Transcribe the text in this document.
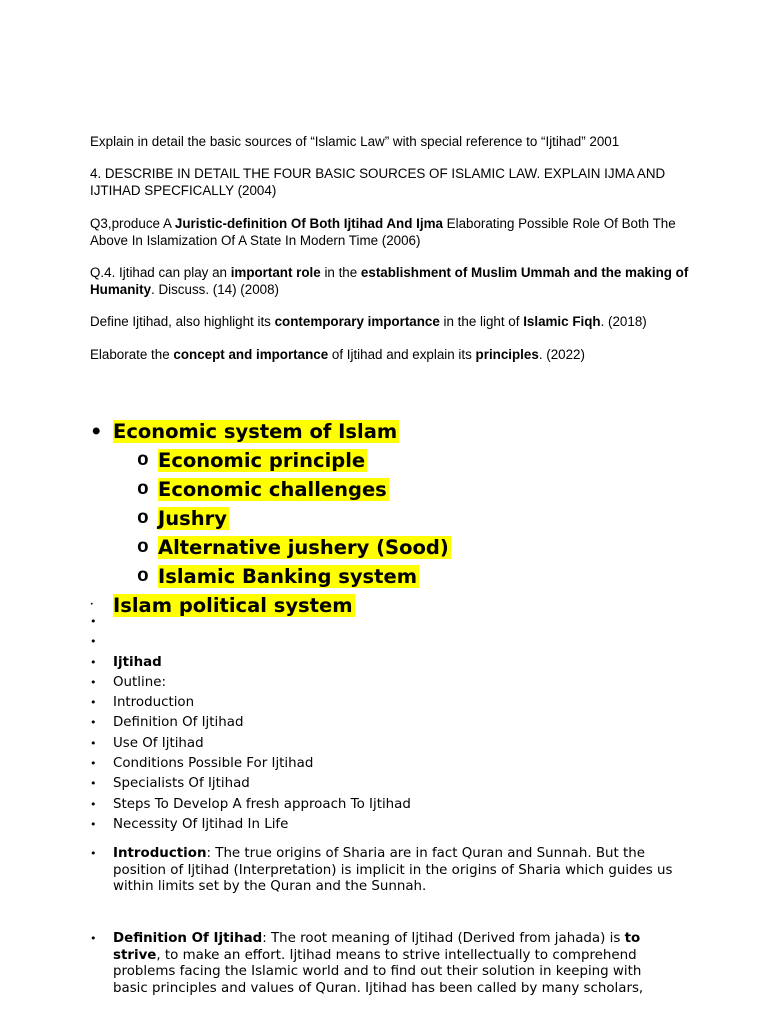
Explain in detail the basic sources of “Islamic Law” with special reference to “Ijtihad” 2001
4. DESCRIBE IN DETAIL THE FOUR BASIC SOURCES OF ISLAMIC LAW. EXPLAIN IJMA AND IJTIHAD SPECFICALLY (2004)
Q3,produce A Juristic-definition Of Both Ijtihad And Ijma Elaborating Possible Role Of Both The Above In Islamization Of A State In Modern Time (2006)
Q.4. Ijtihad can play an important role in the establishment of Muslim Ummah and the making of Humanity. Discuss. (14) (2008)
Define Ijtihad, also highlight its contemporary importance in the light of Islamic Fiqh. (2018)
Elaborate the concept and importance of Ijtihad and explain its principles. (2022)
• Economic system of Islam
o Economic principle
o Economic challenges
o Jushry
o Alternative jushery (Sood)
o Islamic Banking system
· Islam political system
•
•
• Ijtihad
• Outline:
• Introduction
• Definition Of Ijtihad
• Use Of Ijtihad
• Conditions Possible For Ijtihad
• Specialists Of Ijtihad
• Steps To Develop A fresh approach To Ijtihad
• Necessity Of Ijtihad In Life
• Introduction: The true origins of Sharia are in fact Quran and Sunnah. But the position of Ijtihad (Interpretation) is implicit in the origins of Sharia which guides us within limits set by the Quran and the Sunnah.
• Definition Of Ijtihad: The root meaning of Ijtihad (Derived from jahada) is to strive, to make an effort. Ijtihad means to strive intellectually to comprehend problems facing the Islamic world and to find out their solution in keeping with basic principles and values of Quran. Ijtihad has been called by many scholars,
